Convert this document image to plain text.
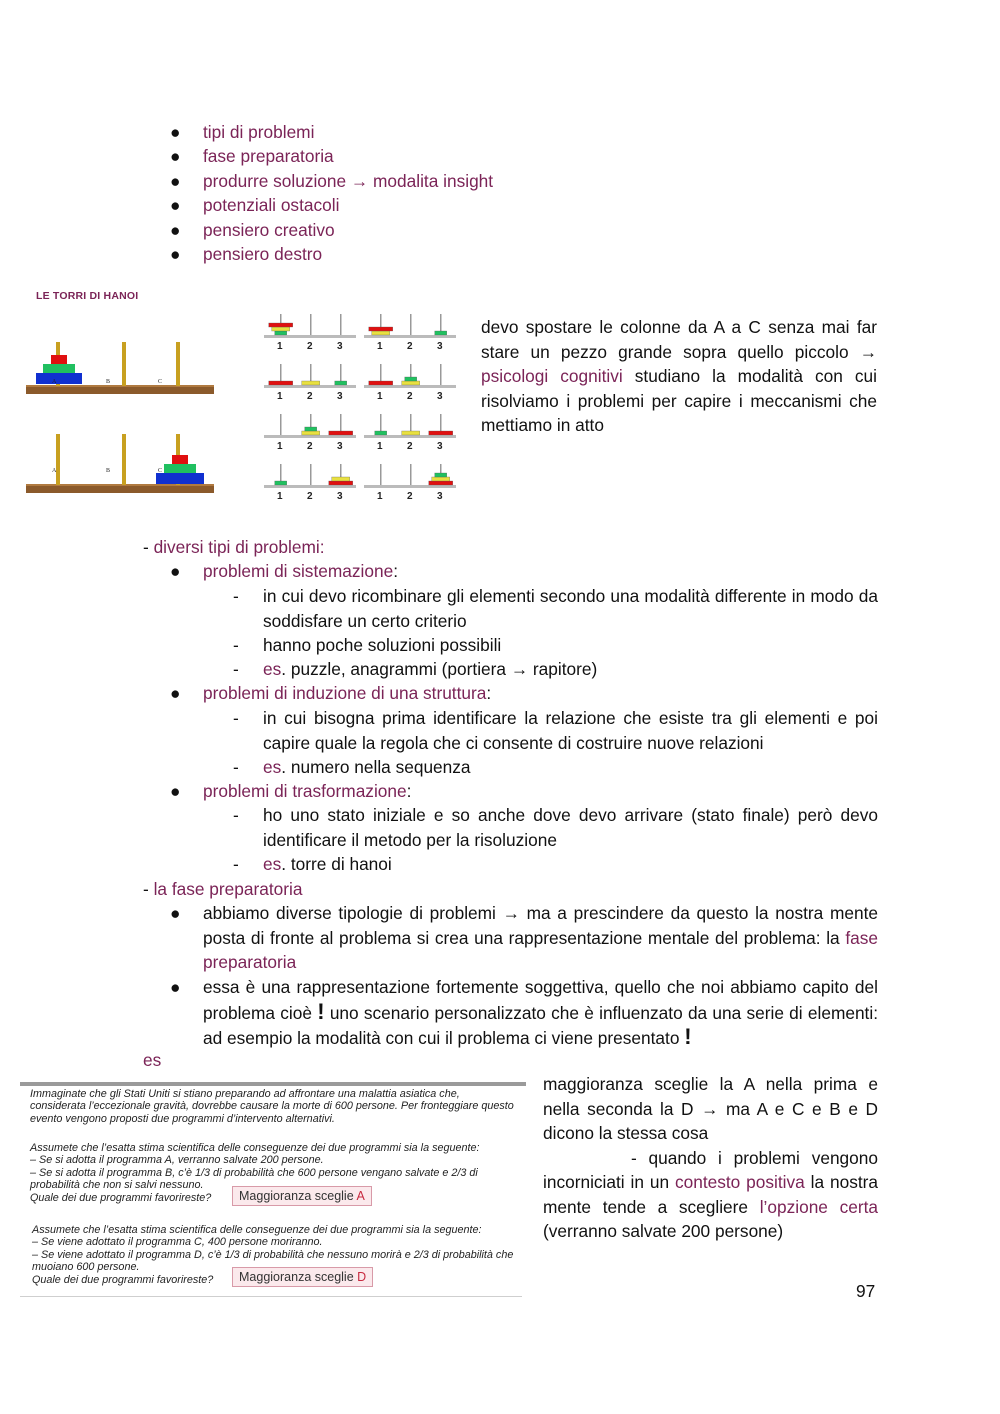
● tipi di problemi
● fase preparatoria
● produrre soluzione → modalita insight
● potenziali ostacoli
● pensiero creativo
● pensiero destro
LE TORRI DI HANOI
A	B	C
A	B	C
1 2 3	1 2 3
1 2 3	1 2 3
1 2 3	1 2 3
1 2 3	1 2 3
devo spostare le colonne da A a C senza mai far stare un pezzo grande sopra quello piccolo → psicologi cognitivi studiano la modalità con cui risolviamo i problemi per capire i meccanismi che mettiamo in atto
- diversi tipi di problemi:
● problemi di sistemazione:
- in cui devo ricombinare gli elementi secondo una modalità differente in modo da soddisfare un certo criterio
- hanno poche soluzioni possibili
- es. puzzle, anagrammi (portiera → rapitore)
● problemi di induzione di una struttura:
- in cui bisogna prima identificare la relazione che esiste tra gli elementi e poi capire quale la regola che ci consente di costruire nuove relazioni
- es. numero nella sequenza
● problemi di trasformazione:
- ho uno stato iniziale e so anche dove devo arrivare (stato finale) però devo identificare il metodo per la risoluzione
- es. torre di hanoi
- la fase preparatoria
● abbiamo diverse tipologie di problemi → ma a prescindere da questo la nostra mente posta di fronte al problema si crea una rappresentazione mentale del problema: la fase preparatoria
● essa è una rappresentazione fortemente soggettiva, quello che noi abbiamo capito del problema cioè ! uno scenario personalizzato che è influenzato da una serie di elementi: ad esempio la modalità con cui il problema ci viene presentato !
es
Immaginate che gli Stati Uniti si stiano preparando ad affrontare una malattia asiatica che, considerata l’eccezionale gravità, dovrebbe causare la morte di 600 persone. Per fronteggiare questo evento vengono proposti due programmi d’intervento alternativi.
Assumete che l’esatta stima scientifica delle conseguenze dei due programmi sia la seguente:
– Se si adotta il programma A, verranno salvate 200 persone.
– Se si adotta il programma B, c’è 1/3 di probabilità che 600 persone vengano salvate e 2/3 di probabilità che non si salvi nessuno.
Quale dei due programmi favorireste?	Maggioranza sceglie A
Assumete che l’esatta stima scientifica delle conseguenze dei due programmi sia la seguente:
– Se viene adottato il programma C, 400 persone moriranno.
– Se viene adottato il programma D, c’è 1/3 di probabilità che nessuno morirà e 2/3 di probabilità che muoiano 600 persone.
Quale dei due programmi favorireste?	Maggioranza sceglie D
maggioranza sceglie la A nella prima e nella seconda la D → ma A e C e B e D dicono la stessa cosa
- quando i problemi vengono incorniciati in un contesto positiva la nostra mente tende a scegliere l’opzione certa (verranno salvate 200 persone)
97
